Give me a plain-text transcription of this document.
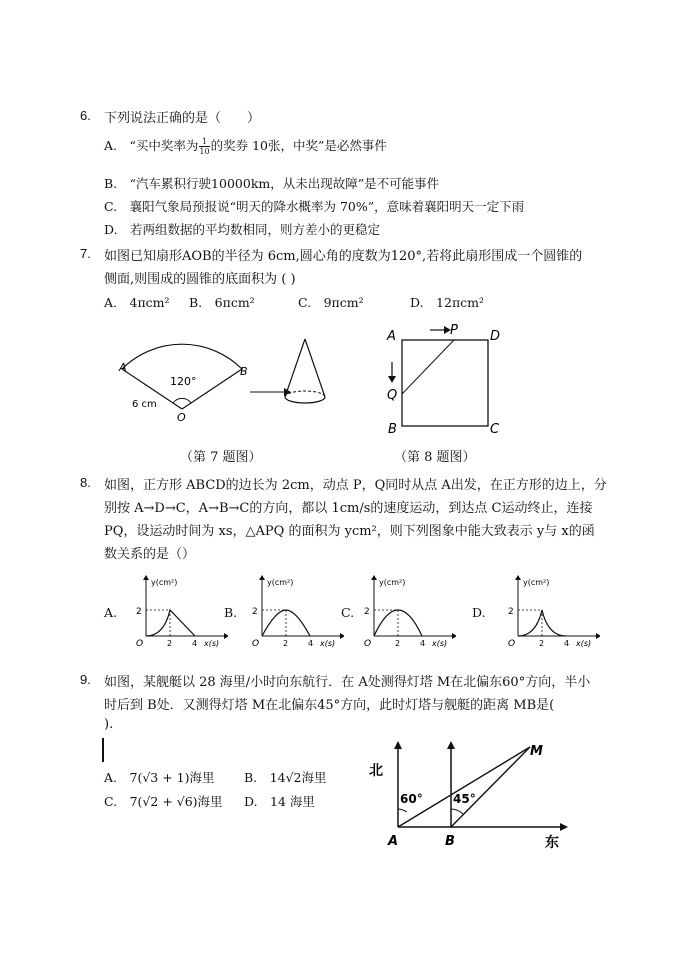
6. 下列说法正确的是（　　）
A.　“买中奖率为 $\frac{1}{10}$ 的奖券 10张，中奖”是必然事件
B.　“汽车累积行驶10000km，从未出现故障”是不可能事件
C.　襄阳气象局预报说“明天的降水概率为 70%”，意味着襄阳明天一定下雨
D.　若两组数据的平均数相同，则方差小的更稳定
7. 如图已知扇形AOB的半径为 6cm,圆心角的度数为120°,若将此扇形围成一个圆锥的
侧面,则围成的圆锥的底面积为 ( )
A.　4πcm² B.　6πcm²	C.　9πcm²	D.　12πcm²
A	B
O
120°
6 cm
（第 7 题图）
A	P D
Q
B	C
（第 8 题图）
8. 如图，正方形 ABCD的边长为 2cm，动点 P，Q同时从点 A出发，在正方形的边上，分
别按 A→D→C，A→B→C的方向，都以 1cm/s的速度运动，到达点 C运动终止，连接
PQ，设运动时间为 xs，△APQ 的面积为 ycm²，则下列图象中能大致表示 y与 x的函
数关系的是（）
A.
y(cm²)
2
O	2 4 x(s)
B.
y(cm²)
2
O	2 4 x(s)
C.
y(cm²)
2
O	2 4 x(s)
D.
y(cm²)
2
O	2 4 x(s)
9. 如图，某舰艇以 28 海里/小时向东航行．在 A处测得灯塔 M在北偏东60°方向，半小
时后到 B处．又测得灯塔 M在北偏东45°方向，此时灯塔与舰艇的距离 MB是(
).
A.　7(√3 + 1)海里 B.　14√2海里
C.　7(√2 + √6)海里 D.　14 海里
北
东
60°	45°
A	B
M
